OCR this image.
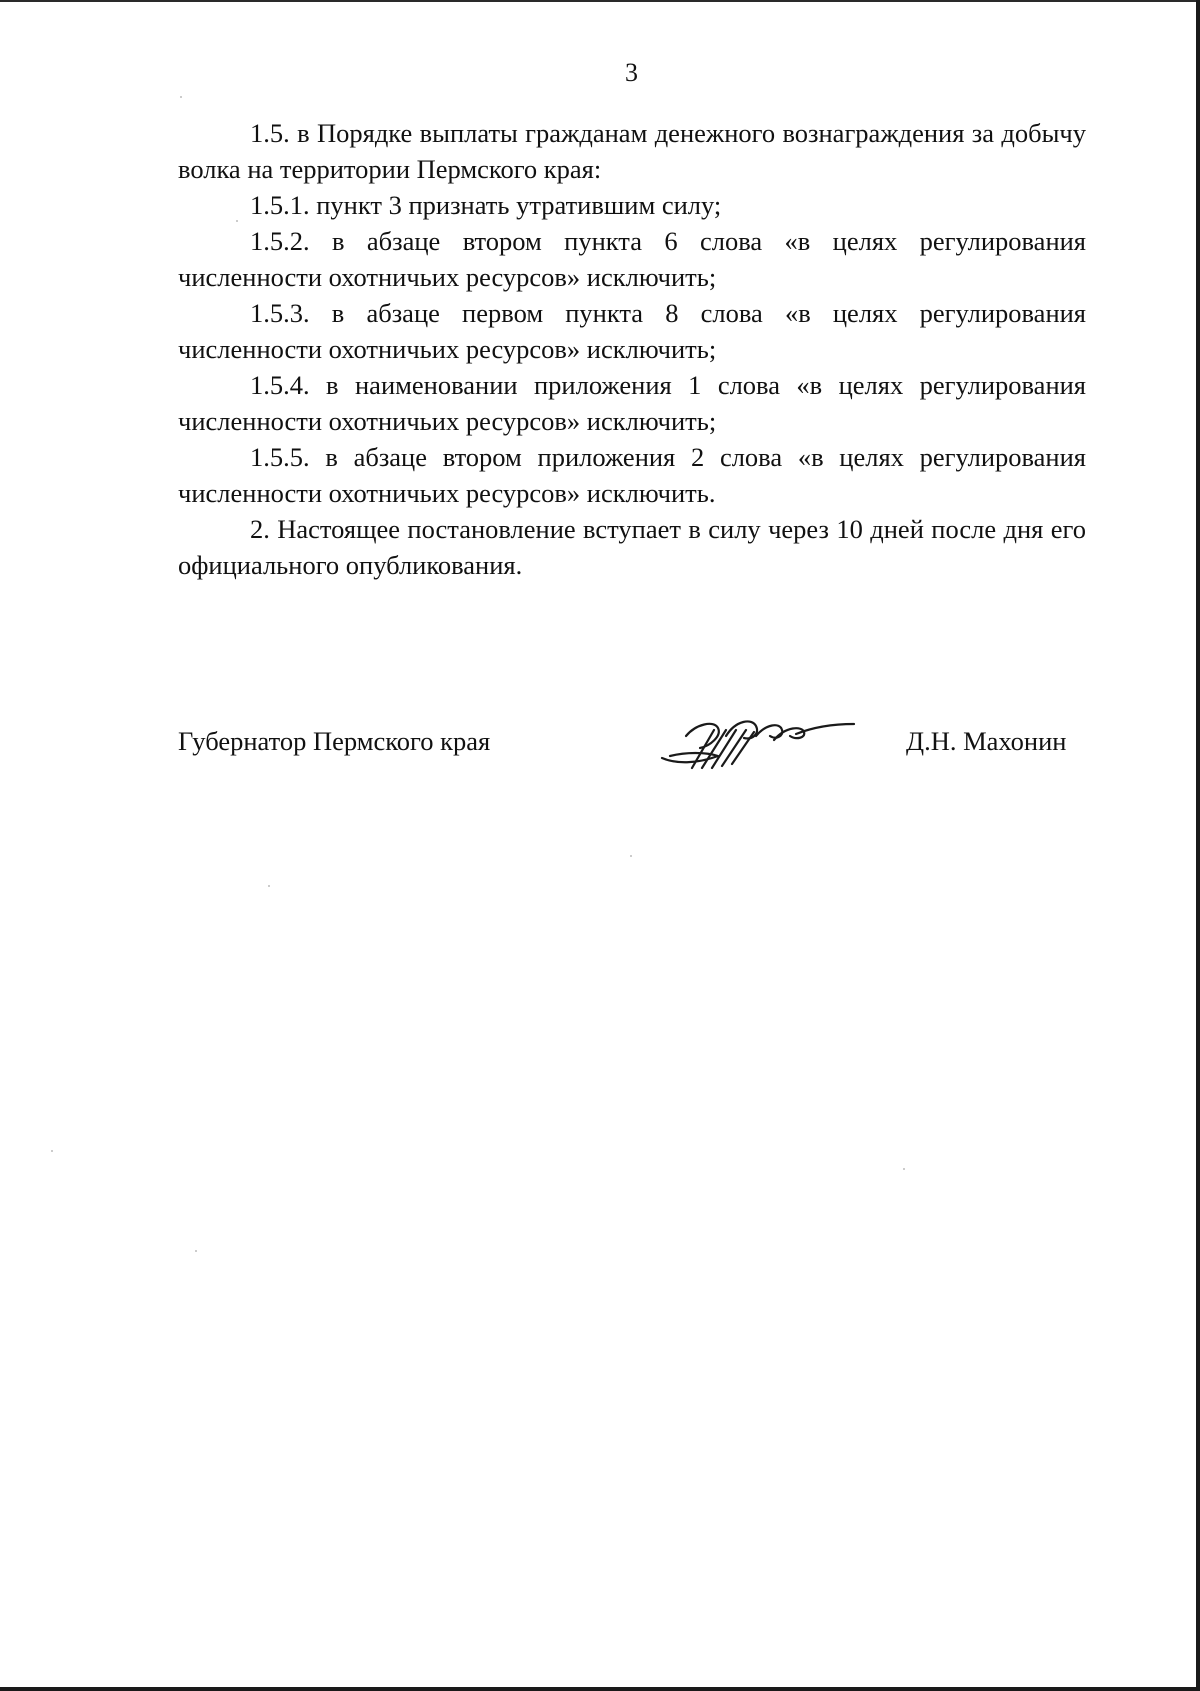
3

1.5. в Порядке выплаты гражданам денежного вознаграждения за добычу волка на территории Пермского края:

1.5.1. пункт 3 признать утратившим силу;

1.5.2. в абзаце втором пункта 6 слова «в целях регулирования численности охотничьих ресурсов» исключить;

1.5.3. в абзаце первом пункта 8 слова «в целях регулирования численности охотничьих ресурсов» исключить;

1.5.4. в наименовании приложения 1 слова «в целях регулирования численности охотничьих ресурсов» исключить;

1.5.5. в абзаце втором приложения 2 слова «в целях регулирования численности охотничьих ресурсов» исключить.

2. Настоящее постановление вступает в силу через 10 дней после дня его официального опубликования.

Губернатор Пермского края	Д.Н. Махонин
